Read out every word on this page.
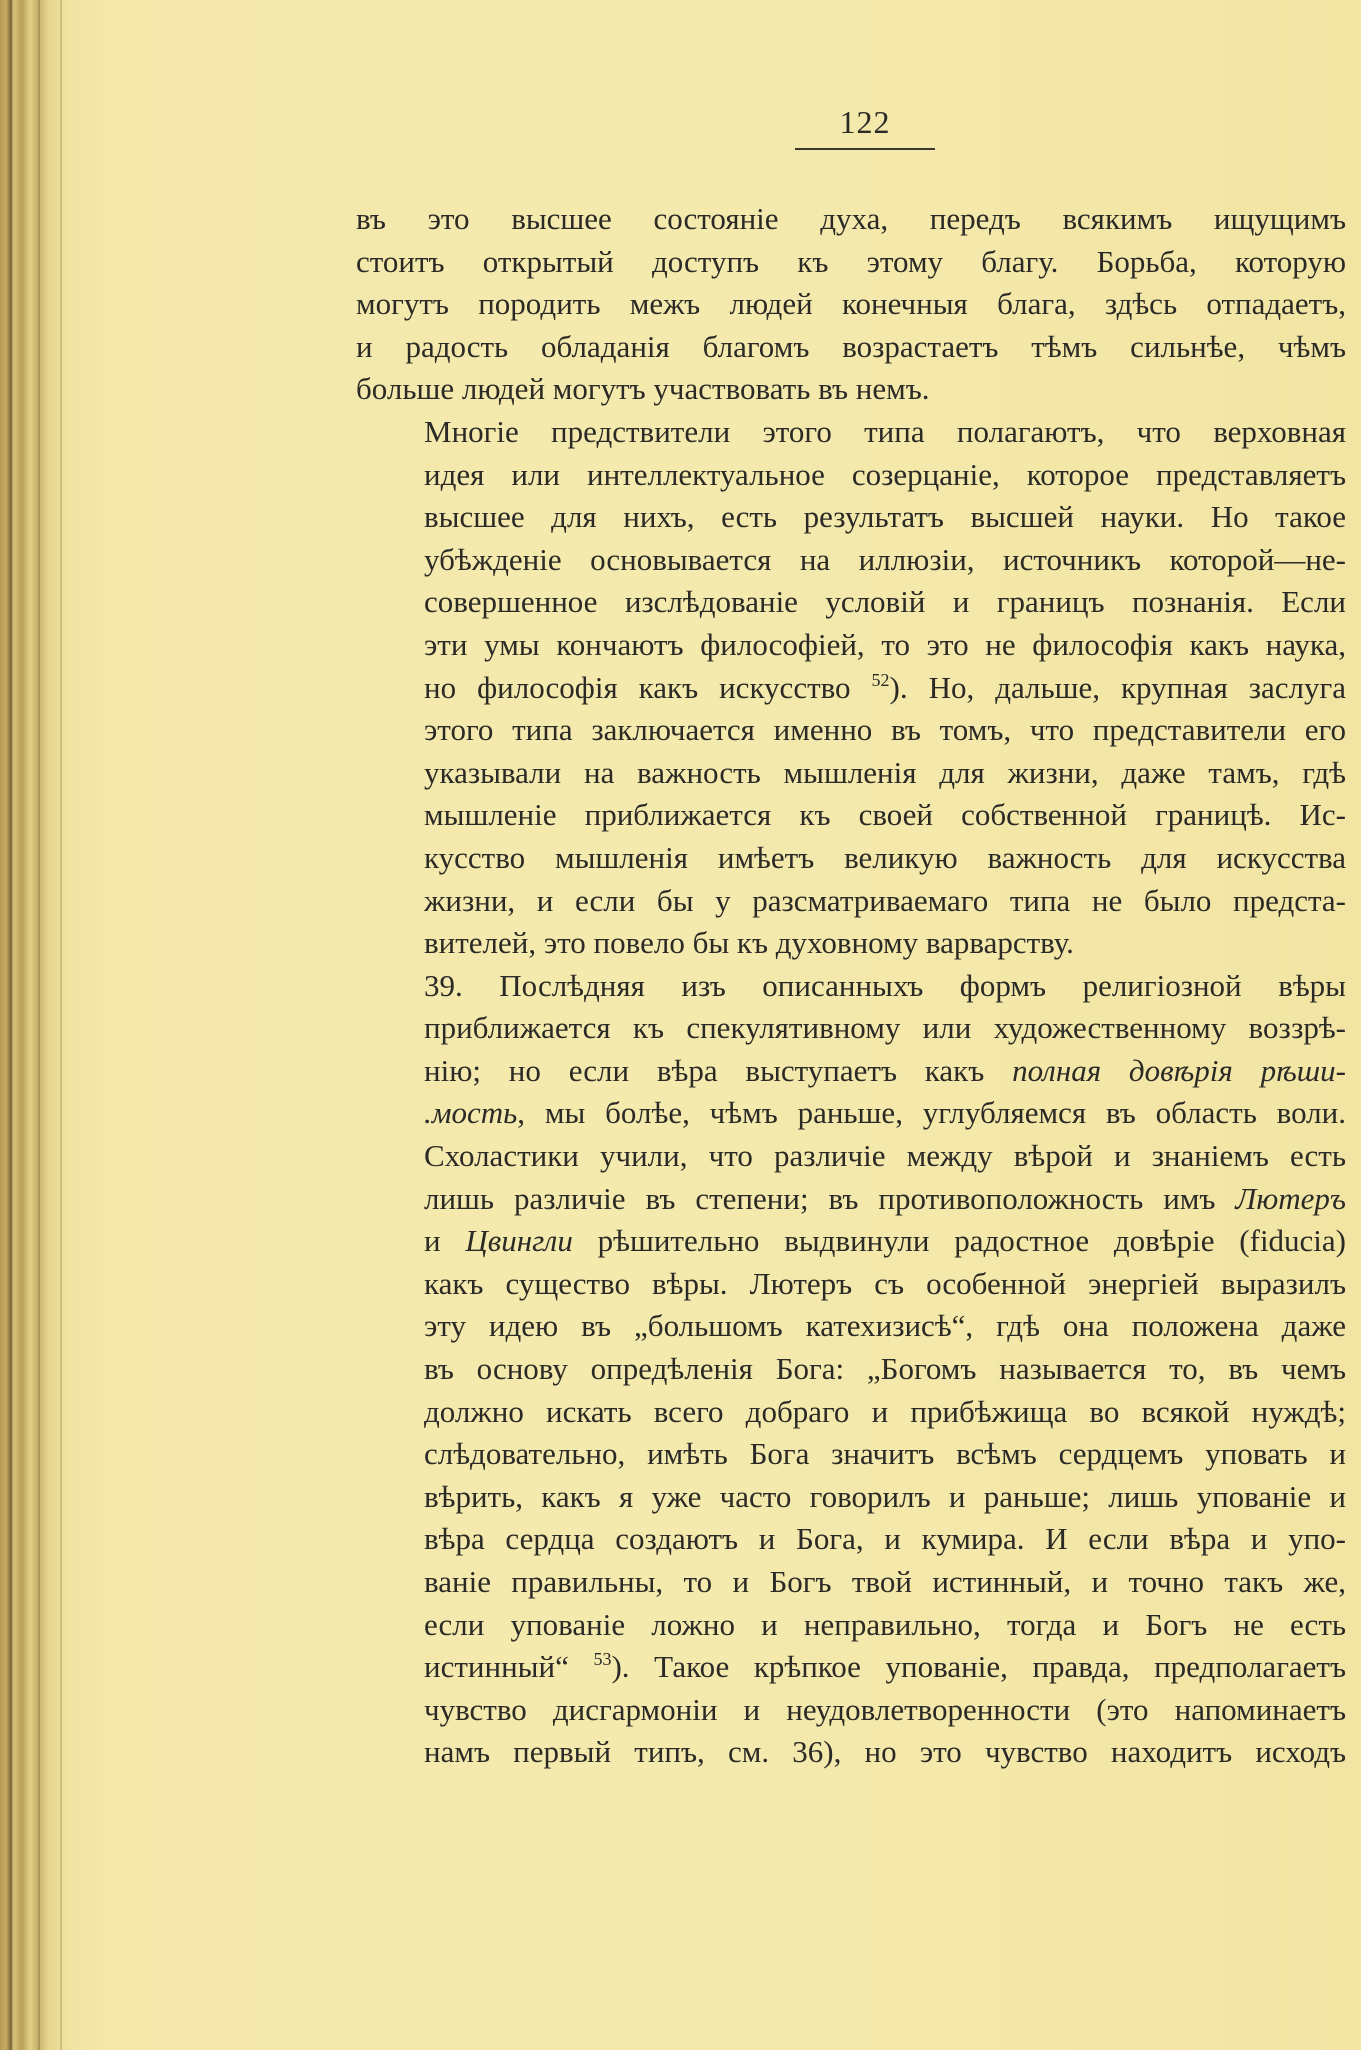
122

въ это высшее состояніе духа, передъ всякимъ ищущимъ
стоитъ открытый доступъ къ этому благу. Борьба, которую
могутъ породить межъ людей конечныя блага, здѣсь отпадаетъ,
и радость обладанія благомъ возрастаетъ тѣмъ сильнѣе, чѣмъ
больше людей могутъ участвовать въ немъ.

Многіе предствители этого типа полагаютъ, что верховная
идея или интеллектуальное созерцаніе, которое представляетъ
высшее для нихъ, есть результатъ высшей науки. Но такое
убѣжденіе основывается на иллюзіи, источникъ которой—не-
совершенное изслѣдованіе условій и границъ познанія. Если
эти умы кончаютъ философіей, то это не философія какъ наука,
но философія какъ искусство $^{52}$). Но, дальше, крупная заслуга
этого типа заключается именно въ томъ, что представители его
указывали на важность мышленія для жизни, даже тамъ, гдѣ
мышленіе приближается къ своей собственной границѣ. Ис-
кусство мышленія имѣетъ великую важность для искусства
жизни, и если бы у разсматриваемаго типа не было предста-
вителей, это повело бы къ духовному варварству.

39. Послѣдняя изъ описанныхъ формъ религіозной вѣры
приближается къ спекулятивному или художественному воззрѣ-
нію; но если вѣра выступаетъ какъ полная довѣрія рѣши-
.мость, мы болѣе, чѣмъ раньше, углубляемся въ область воли.
Схоластики учили, что различіе между вѣрой и знаніемъ есть
лишь различіе въ степени; въ противоположность имъ Лютеръ
и Цвингли рѣшительно выдвинули радостное довѣріе (fiducia)
какъ существо вѣры. Лютеръ съ особенной энергіей выразилъ
эту идею въ „большомъ катехизисѣ“, гдѣ она положена даже
въ основу опредѣленія Бога: „Богомъ называется то, въ чемъ
должно искать всего добраго и прибѣжища во всякой нуждѣ;
слѣдовательно, имѣть Бога значитъ всѣмъ сердцемъ уповать и
вѣрить, какъ я уже часто говорилъ и раньше; лишь упованіе и
вѣра сердца создаютъ и Бога, и кумира. И если вѣра и упо-
ваніе правильны, то и Богъ твой истинный, и точно такъ же,
если упованіе ложно и неправильно, тогда и Богъ не есть
истинный“ $^{53}$). Такое крѣпкое упованіе, правда, предполагаетъ
чувство дисгармоніи и неудовлетворенности (это напоминаетъ
намъ первый типъ, см. 36), но это чувство находитъ исходъ
